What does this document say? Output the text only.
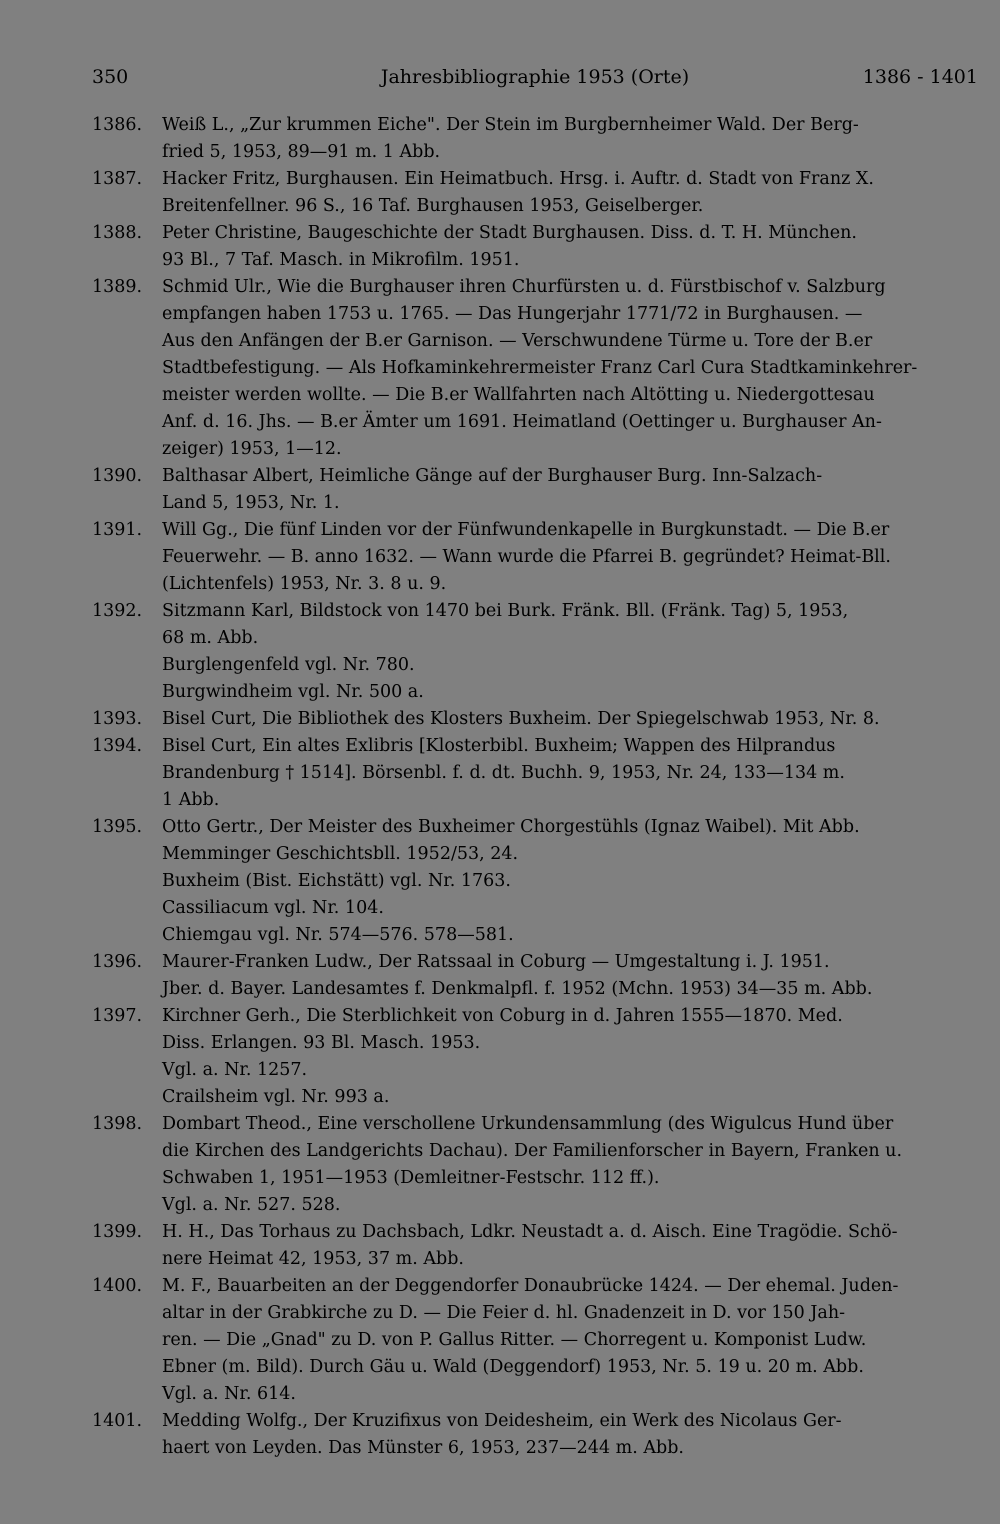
350	Jahresbibliographie 1953 (Orte)	1386 - 1401
1386.	Weiß L., „Zur krummen Eiche". Der Stein im Burgbernheimer Wald. Der Berg-
fried 5, 1953, 89—91 m. 1 Abb.
1387.	Hacker Fritz, Burghausen. Ein Heimatbuch. Hrsg. i. Auftr. d. Stadt von Franz X.
Breitenfellner. 96 S., 16 Taf. Burghausen 1953, Geiselberger.
1388.	Peter Christine, Baugeschichte der Stadt Burghausen. Diss. d. T. H. München.
93 Bl., 7 Taf. Masch. in Mikrofilm. 1951.
1389.	Schmid Ulr., Wie die Burghauser ihren Churfürsten u. d. Fürstbischof v. Salzburg
empfangen haben 1753 u. 1765. — Das Hungerjahr 1771/72 in Burghausen. —
Aus den Anfängen der B.er Garnison. — Verschwundene Türme u. Tore der B.er
Stadtbefestigung. — Als Hofkaminkehrermeister Franz Carl Cura Stadtkaminkehrer-
meister werden wollte. — Die B.er Wallfahrten nach Altötting u. Niedergottesau
Anf. d. 16. Jhs. — B.er Ämter um 1691. Heimatland (Oettinger u. Burghauser An-
zeiger) 1953, 1—12.
1390.	Balthasar Albert, Heimliche Gänge auf der Burghauser Burg. Inn-Salzach-
Land 5, 1953, Nr. 1.
1391.	Will Gg., Die fünf Linden vor der Fünfwundenkapelle in Burgkunstadt. — Die B.er
Feuerwehr. — B. anno 1632. — Wann wurde die Pfarrei B. gegründet? Heimat-Bll.
(Lichtenfels) 1953, Nr. 3. 8 u. 9.
1392.	Sitzmann Karl, Bildstock von 1470 bei Burk. Fränk. Bll. (Fränk. Tag) 5, 1953,
68 m. Abb.
Burglengenfeld vgl. Nr. 780.
Burgwindheim vgl. Nr. 500 a.
1393.	Bisel Curt, Die Bibliothek des Klosters Buxheim. Der Spiegelschwab 1953, Nr. 8.
1394.	Bisel Curt, Ein altes Exlibris [Klosterbibl. Buxheim; Wappen des Hilprandus
Brandenburg † 1514]. Börsenbl. f. d. dt. Buchh. 9, 1953, Nr. 24, 133—134 m.
1 Abb.
1395.	Otto Gertr., Der Meister des Buxheimer Chorgestühls (Ignaz Waibel). Mit Abb.
Memminger Geschichtsbll. 1952/53, 24.
Buxheim (Bist. Eichstätt) vgl. Nr. 1763.
Cassiliacum vgl. Nr. 104.
Chiemgau vgl. Nr. 574—576. 578—581.
1396.	Maurer-Franken Ludw., Der Ratssaal in Coburg — Umgestaltung i. J. 1951.
Jber. d. Bayer. Landesamtes f. Denkmalpfl. f. 1952 (Mchn. 1953) 34—35 m. Abb.
1397.	Kirchner Gerh., Die Sterblichkeit von Coburg in d. Jahren 1555—1870. Med.
Diss. Erlangen. 93 Bl. Masch. 1953.
Vgl. a. Nr. 1257.
Crailsheim vgl. Nr. 993 a.
1398.	Dombart Theod., Eine verschollene Urkundensammlung (des Wigulcus Hund über
die Kirchen des Landgerichts Dachau). Der Familienforscher in Bayern, Franken u.
Schwaben 1, 1951—1953 (Demleitner-Festschr. 112 ff.).
Vgl. a. Nr. 527. 528.
1399.	H. H., Das Torhaus zu Dachsbach, Ldkr. Neustadt a. d. Aisch. Eine Tragödie. Schö-
nere Heimat 42, 1953, 37 m. Abb.
1400.	M. F., Bauarbeiten an der Deggendorfer Donaubrücke 1424. — Der ehemal. Juden-
altar in der Grabkirche zu D. — Die Feier d. hl. Gnadenzeit in D. vor 150 Jah-
ren. — Die „Gnad" zu D. von P. Gallus Ritter. — Chorregent u. Komponist Ludw.
Ebner (m. Bild). Durch Gäu u. Wald (Deggendorf) 1953, Nr. 5. 19 u. 20 m. Abb.
Vgl. a. Nr. 614.
1401.	Medding Wolfg., Der Kruzifixus von Deidesheim, ein Werk des Nicolaus Ger-
haert von Leyden. Das Münster 6, 1953, 237—244 m. Abb.
